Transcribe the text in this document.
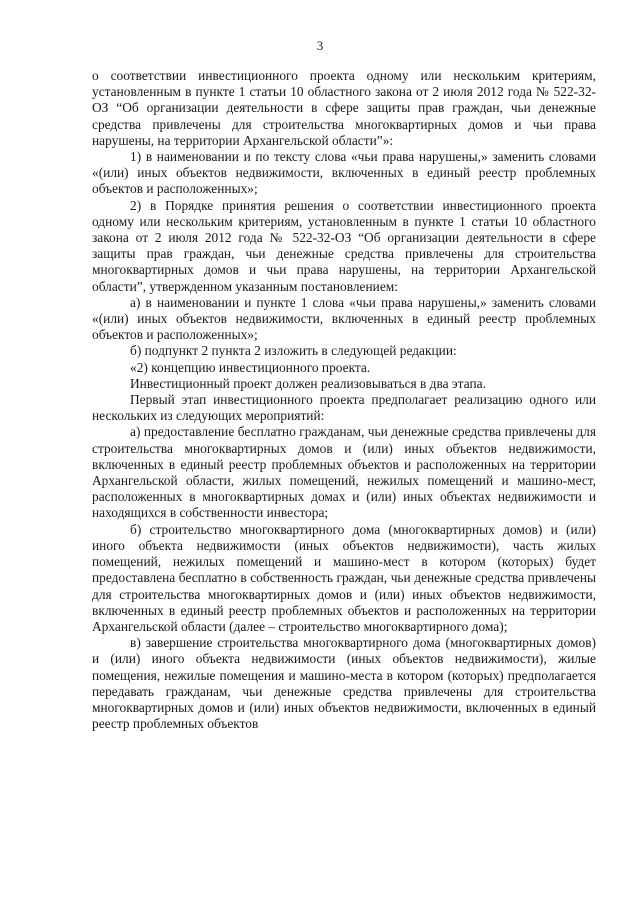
3

о соответствии инвестиционного проекта одному или нескольким критериям, установленным в пункте 1 статьи 10 областного закона от 2 июля 2012 года № 522-32-ОЗ “Об организации деятельности в сфере защиты прав граждан, чьи денежные средства привлечены для строительства многоквартирных домов и чьи права нарушены, на территории Архангельской области”»:

1) в наименовании и по тексту слова «чьи права нарушены,» заменить словами «(или) иных объектов недвижимости, включенных в единый реестр проблемных объектов и расположенных»;

2) в Порядке принятия решения о соответствии инвестиционного проекта одному или нескольким критериям, установленным в пункте 1 статьи 10 областного закона от 2 июля 2012 года № 522-32-ОЗ “Об организации деятельности в сфере защиты прав граждан, чьи денежные средства привлечены для строительства многоквартирных домов и чьи права нарушены, на территории Архангельской области”, утвержденном указанным постановлением:

а) в наименовании и пункте 1 слова «чьи права нарушены,» заменить словами «(или) иных объектов недвижимости, включенных в единый реестр проблемных объектов и расположенных»;

б) подпункт 2 пункта 2 изложить в следующей редакции:

«2) концепцию инвестиционного проекта.

Инвестиционный проект должен реализовываться в два этапа.

Первый этап инвестиционного проекта предполагает реализацию одного или нескольких из следующих мероприятий:

а) предоставление бесплатно гражданам, чьи денежные средства привлечены для строительства многоквартирных домов и (или) иных объектов недвижимости, включенных в единый реестр проблемных объектов и расположенных на территории Архангельской области, жилых помещений, нежилых помещений и машино-мест, расположенных в многоквартирных домах и (или) иных объектах недвижимости и находящихся в собственности инвестора;

б) строительство многоквартирного дома (многоквартирных домов) и (или) иного объекта недвижимости (иных объектов недвижимости), часть жилых помещений, нежилых помещений и машино-мест в котором (которых) будет предоставлена бесплатно в собственность граждан, чьи денежные средства привлечены для строительства многоквартирных домов и (или) иных объектов недвижимости, включенных в единый реестр проблемных объектов и расположенных на территории Архангельской области (далее – строительство многоквартирного дома);

в) завершение строительства многоквартирного дома (многоквартирных домов) и (или) иного объекта недвижимости (иных объектов недвижимости), жилые помещения, нежилые помещения и машино-места в котором (которых) предполагается передавать гражданам, чьи денежные средства привлечены для строительства многоквартирных домов и (или) иных объектов недвижимости, включенных в единый реестр проблемных объектов
